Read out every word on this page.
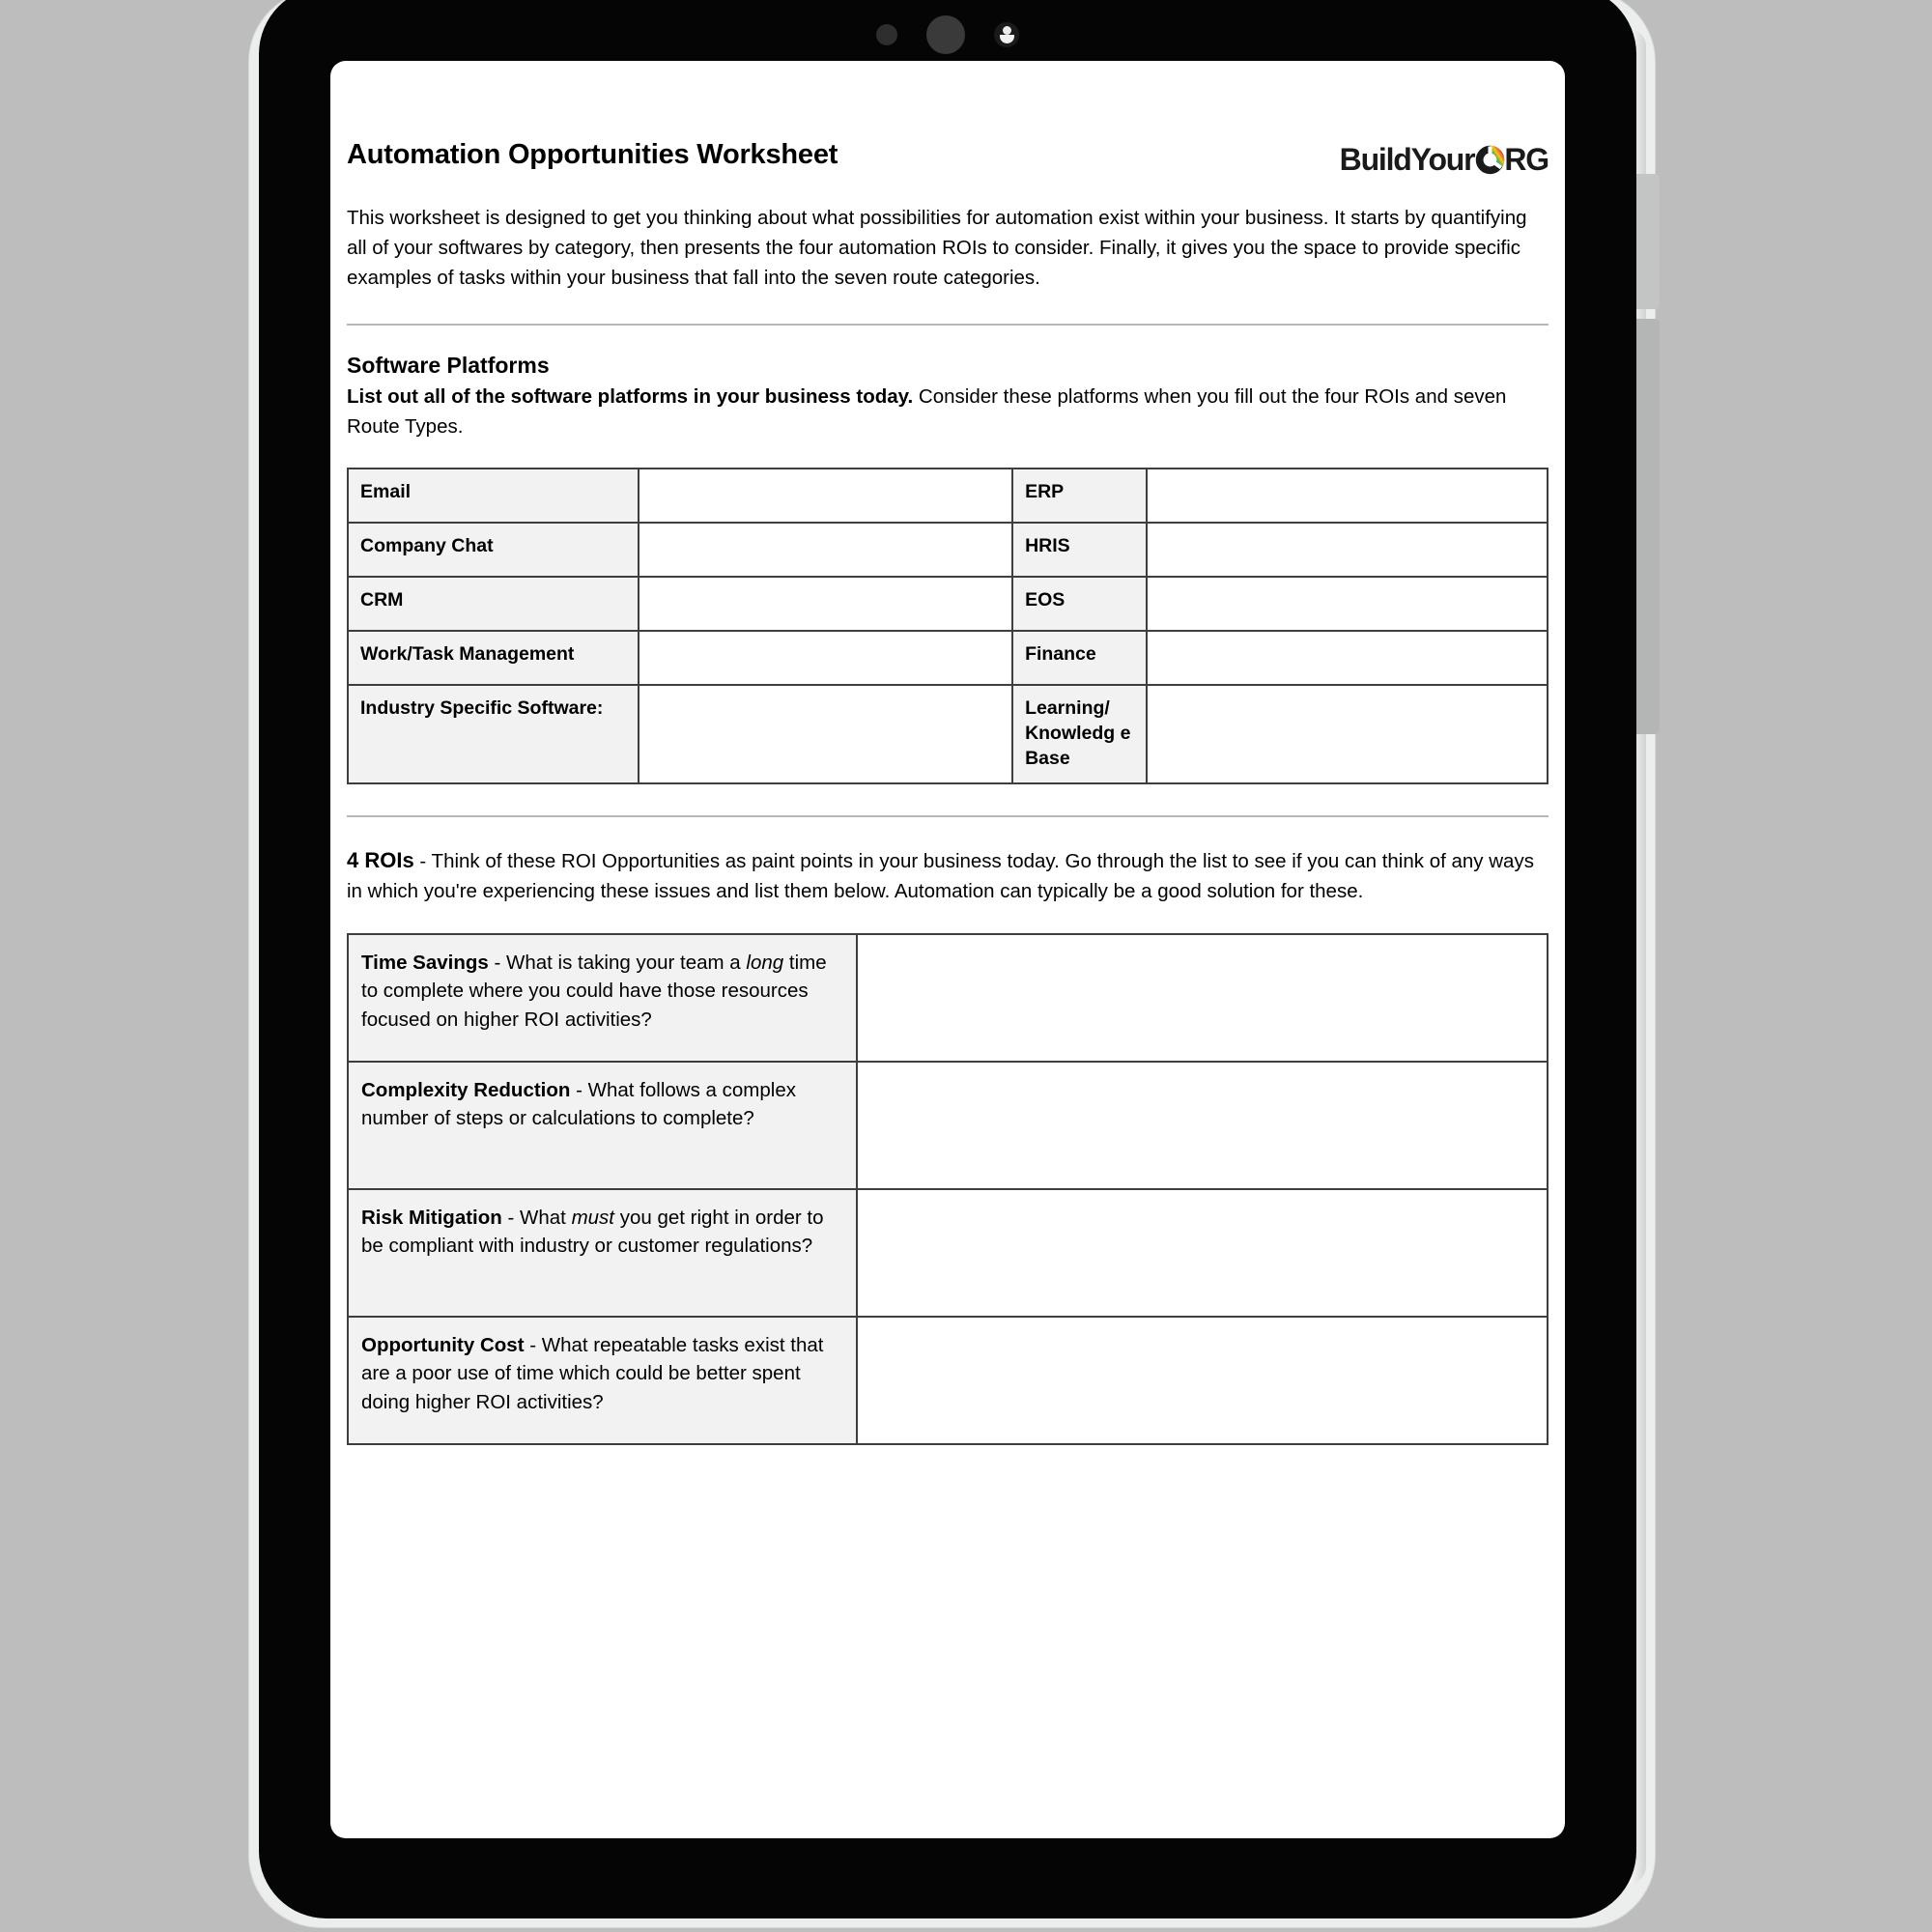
Automation Opportunities Worksheet	Build Your RG

This worksheet is designed to get you thinking about what possibilities for automation exist within your business. It starts by quantifying all of your softwares by category, then presents the four automation ROIs to consider. Finally, it gives you the space to provide specific examples of tasks within your business that fall into the seven route categories.

Software Platforms

List out all of the software platforms in your business today. Consider these platforms when you fill out the four ROIs and seven Route Types.

Email		ERP	
Company Chat		HRIS	
CRM		EOS	
Work/Task Management		Finance	
Industry Specific Software:		Learning/ Knowledg e Base	

4 ROIs - Think of these ROI Opportunities as paint points in your business today. Go through the list to see if you can think of any ways in which you're experiencing these issues and list them below. Automation can typically be a good solution for these.

Time Savings - What is taking your team a long time to complete where you could have those resources focused on higher ROI activities?	

Complexity Reduction - What follows a complex number of steps or calculations to complete?	

Risk Mitigation - What must you get right in order to be compliant with industry or customer regulations?	

Opportunity Cost - What repeatable tasks exist that are a poor use of time which could be better spent doing higher ROI activities?	
